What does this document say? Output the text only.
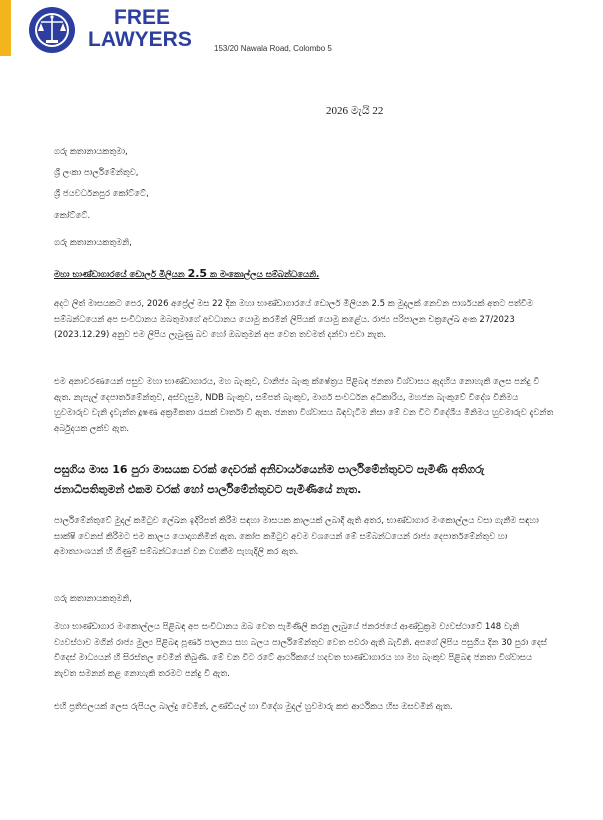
FREE
LAWYERS	153/20 Nawala Road, Colombo 5
2026 මැයි 22
ගරු කතානායකතුමා,
ශ්‍රී ලංකා පාර්ලිමේන්තුව,
ශ්‍රී ජයවර්ධනපුර කෝට්ටේ,
කෝට්ටේ.
ගරු කතානායකතුමනි,
මහා භාණ්ඩාගාරයේ ඩොලර් මිලියන 2.5 ක මංකොල්ලය සම්බන්ධයෙනි.

අදට ලිත් මාසයකට පෙර, 2026 අප්‍රේල් මස 22 දින මහා භාණ්ඩාගාරයේ ඩොලර් මිලියන 2.5 ක මුදලක් නෙවන පාර්ශයක් අතට පත්වීම සම්බන්ධයෙන් අප සංවිධානය ඔබතුමාගේ අවධානය යොමු කරමින් ලිපියක් යොමු කළේය. රාජ්‍ය පරිපාලන චක්‍රලේඛ අංක 27/2023 (2023.12.29) අනුව එම ලිපිය ලැබුණු බව හෝ ඔබතුමන් අප වෙත තවමත් දන්වා එවා නැත.

එම අනාවරණයෙන් පසුව මහා භාණ්ඩාගාරය, මහ බැංකුව, වානිජ්‍ය බැංකු ක්ෂේත්‍රය පිළිබඳ ජනතා විශ්වාසය ඇදහිය නොහැකි ලෙස පන්දු වී ඇත. නැපැල් දෙපාර්තමේන්තුව, අස්වැසුම, NDB බැංකුව, සම්පත් බැංකුව, මාර්ග සංවර්ධන අධිකාරිය, මහජන බැංකුවේ විදේශ විනිමය හුවමාරුව වැනි දැවැන්ත දූෂණ අක්‍රමිකතා රැසක් වාර්තා වී ඇත. ජනතා විශ්වාසය බිඳවැටීම නිසා මේ වන විට විදේශීය මිනිමය හුවමාරුව දැවන්ත අර්බුදයක ලක්ව ඇත.

පසුගිය මාස 16 පුරා මාසයක වරක් දෙවරක් අනිවාර්යයෙන්ම පාර්ලිමේන්තුවට පැමිණි අතිගරු ජනාධිපතිතුමන් එකම වරක් හෝ පාර්ලිමේන්තුවට පැමිණියේ නැත.

පාර්ලිමේන්තුවේ මුදල් කමිටුව ලේඛන ඉදිරිපත් කිරීම සඳහා මාසයක කාලයක් ලබාදී ඇති අතර, භාණ්ඩාගාර මංකොල්ලය වසා ගැනීම සඳහා සාක්ෂි වෙනස් කිරීමට එම කාලය යොදාගනිමින් ඇත. කෝප කමිටුව අවම වශයෙන් මේ සම්බන්ධයෙන් රාජ්‍ය දෙපාර්තමේන්තුව හා අමාත්‍යාංශයන් හි ගිණුම් සම්බන්ධයෙන් වන වගකීම පැහැදිලි කර ඇත.

ගරු කතානායකතුමනි,

මහා භාණ්ඩාගාර මංකොල්ලය පිළිබඳ අප සංවිධානය ඔබ වෙත පැමිණිලි කරනු ලැබුයේ ජනරජයේ ආණ්ඩුක්‍රම ව්‍යවස්ථාවේ 148 වැනි ව්‍යවස්ථාව මගින් රාජ්‍ය මුල්‍ය පිළිබඳ පූර්ණ පාලනය සහ බලය පාර්ලිමේන්තුව වෙත පවරා ඇති බැවිනි. අපගේ ලිපිය පසුගිය දින 30 පුරා දෙස් විදෙස් මාධ්‍යයන් හි සිරස්තල වෙමින් තිබුණි. මේ වන විට රටේ ආර්ථිකයේ හදවත භාණ්ඩාගාරය හා මහ බැංකුව පිළිබඳ ජනතා විශ්වාසය නැවත සමනන් කළ නොහැකි තරමට පන්දු වී ඇත.

එහි ප්‍රතිඵලයක් ලෙස රුපියල බාල්දු වෙමින්, උණ්ඩියල් හා විදේශ මුදල් හුවමාරු කළු ආර්ථිකය හිස ඔසවමින් ඇත.
